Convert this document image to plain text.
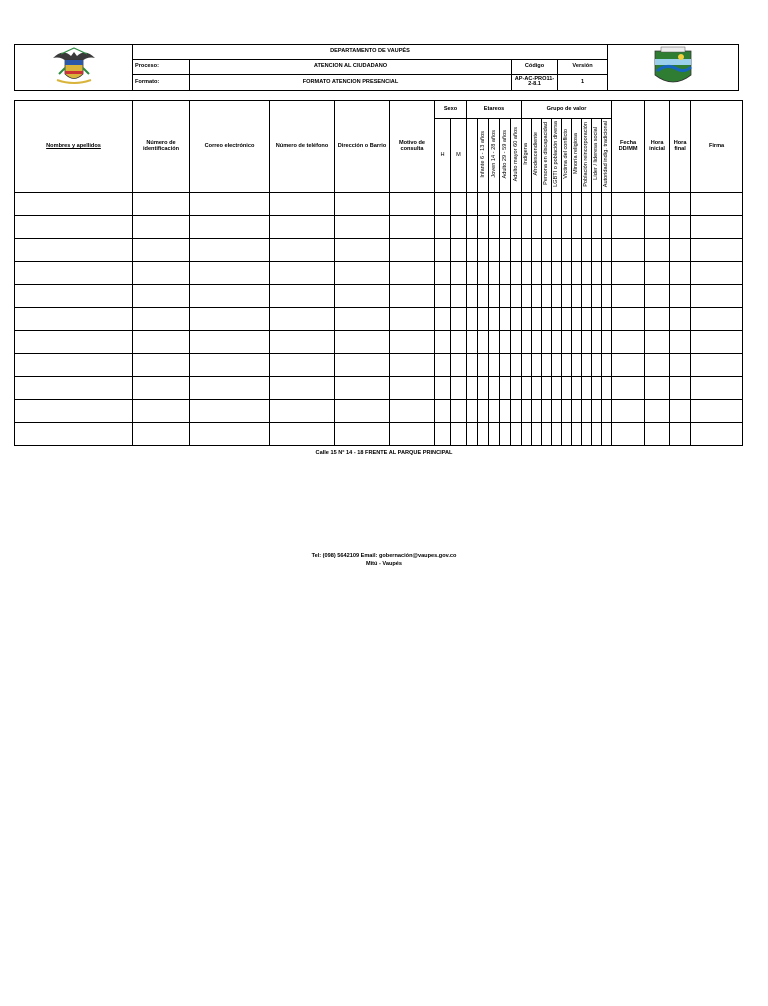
	DEPARTAMENTO DE VAUPÉS	
	Proceso:	ATENCION AL CIUDADANO	Código	Versión	
	Formato:	FORMATO ATENCION PRESENCIAL	AP-AC-PRO11-2-8.1	1	
Nombres y apellidos	Número de identificación	Correo electrónico	Número de teléfono	Dirección o Barrio	Motivo de consulta	Sexo		Etareos					Grupo de valor									Fecha DD/MM	Hora inicial	Hora final	Firma
						H	M		Infante 6 - 13 años	Joven 14 - 28 años	Adulto 29 - 59 años	Adulto mayor 60 años	Indígena	Afrodescendiente	Persona en discapacidad	LGBTI o población diversa	Víctima del conflicto	Minoría religiosa	Población reincorporación	Líder / lideresa social	Autoridad indíg. tradicional				

Calle 15 N° 14 - 18 FRENTE AL PARQUE PRINCIPAL
Tel: (098) 5642109 Email: gobernación@vaupes.gov.co
Mitú - Vaupés
